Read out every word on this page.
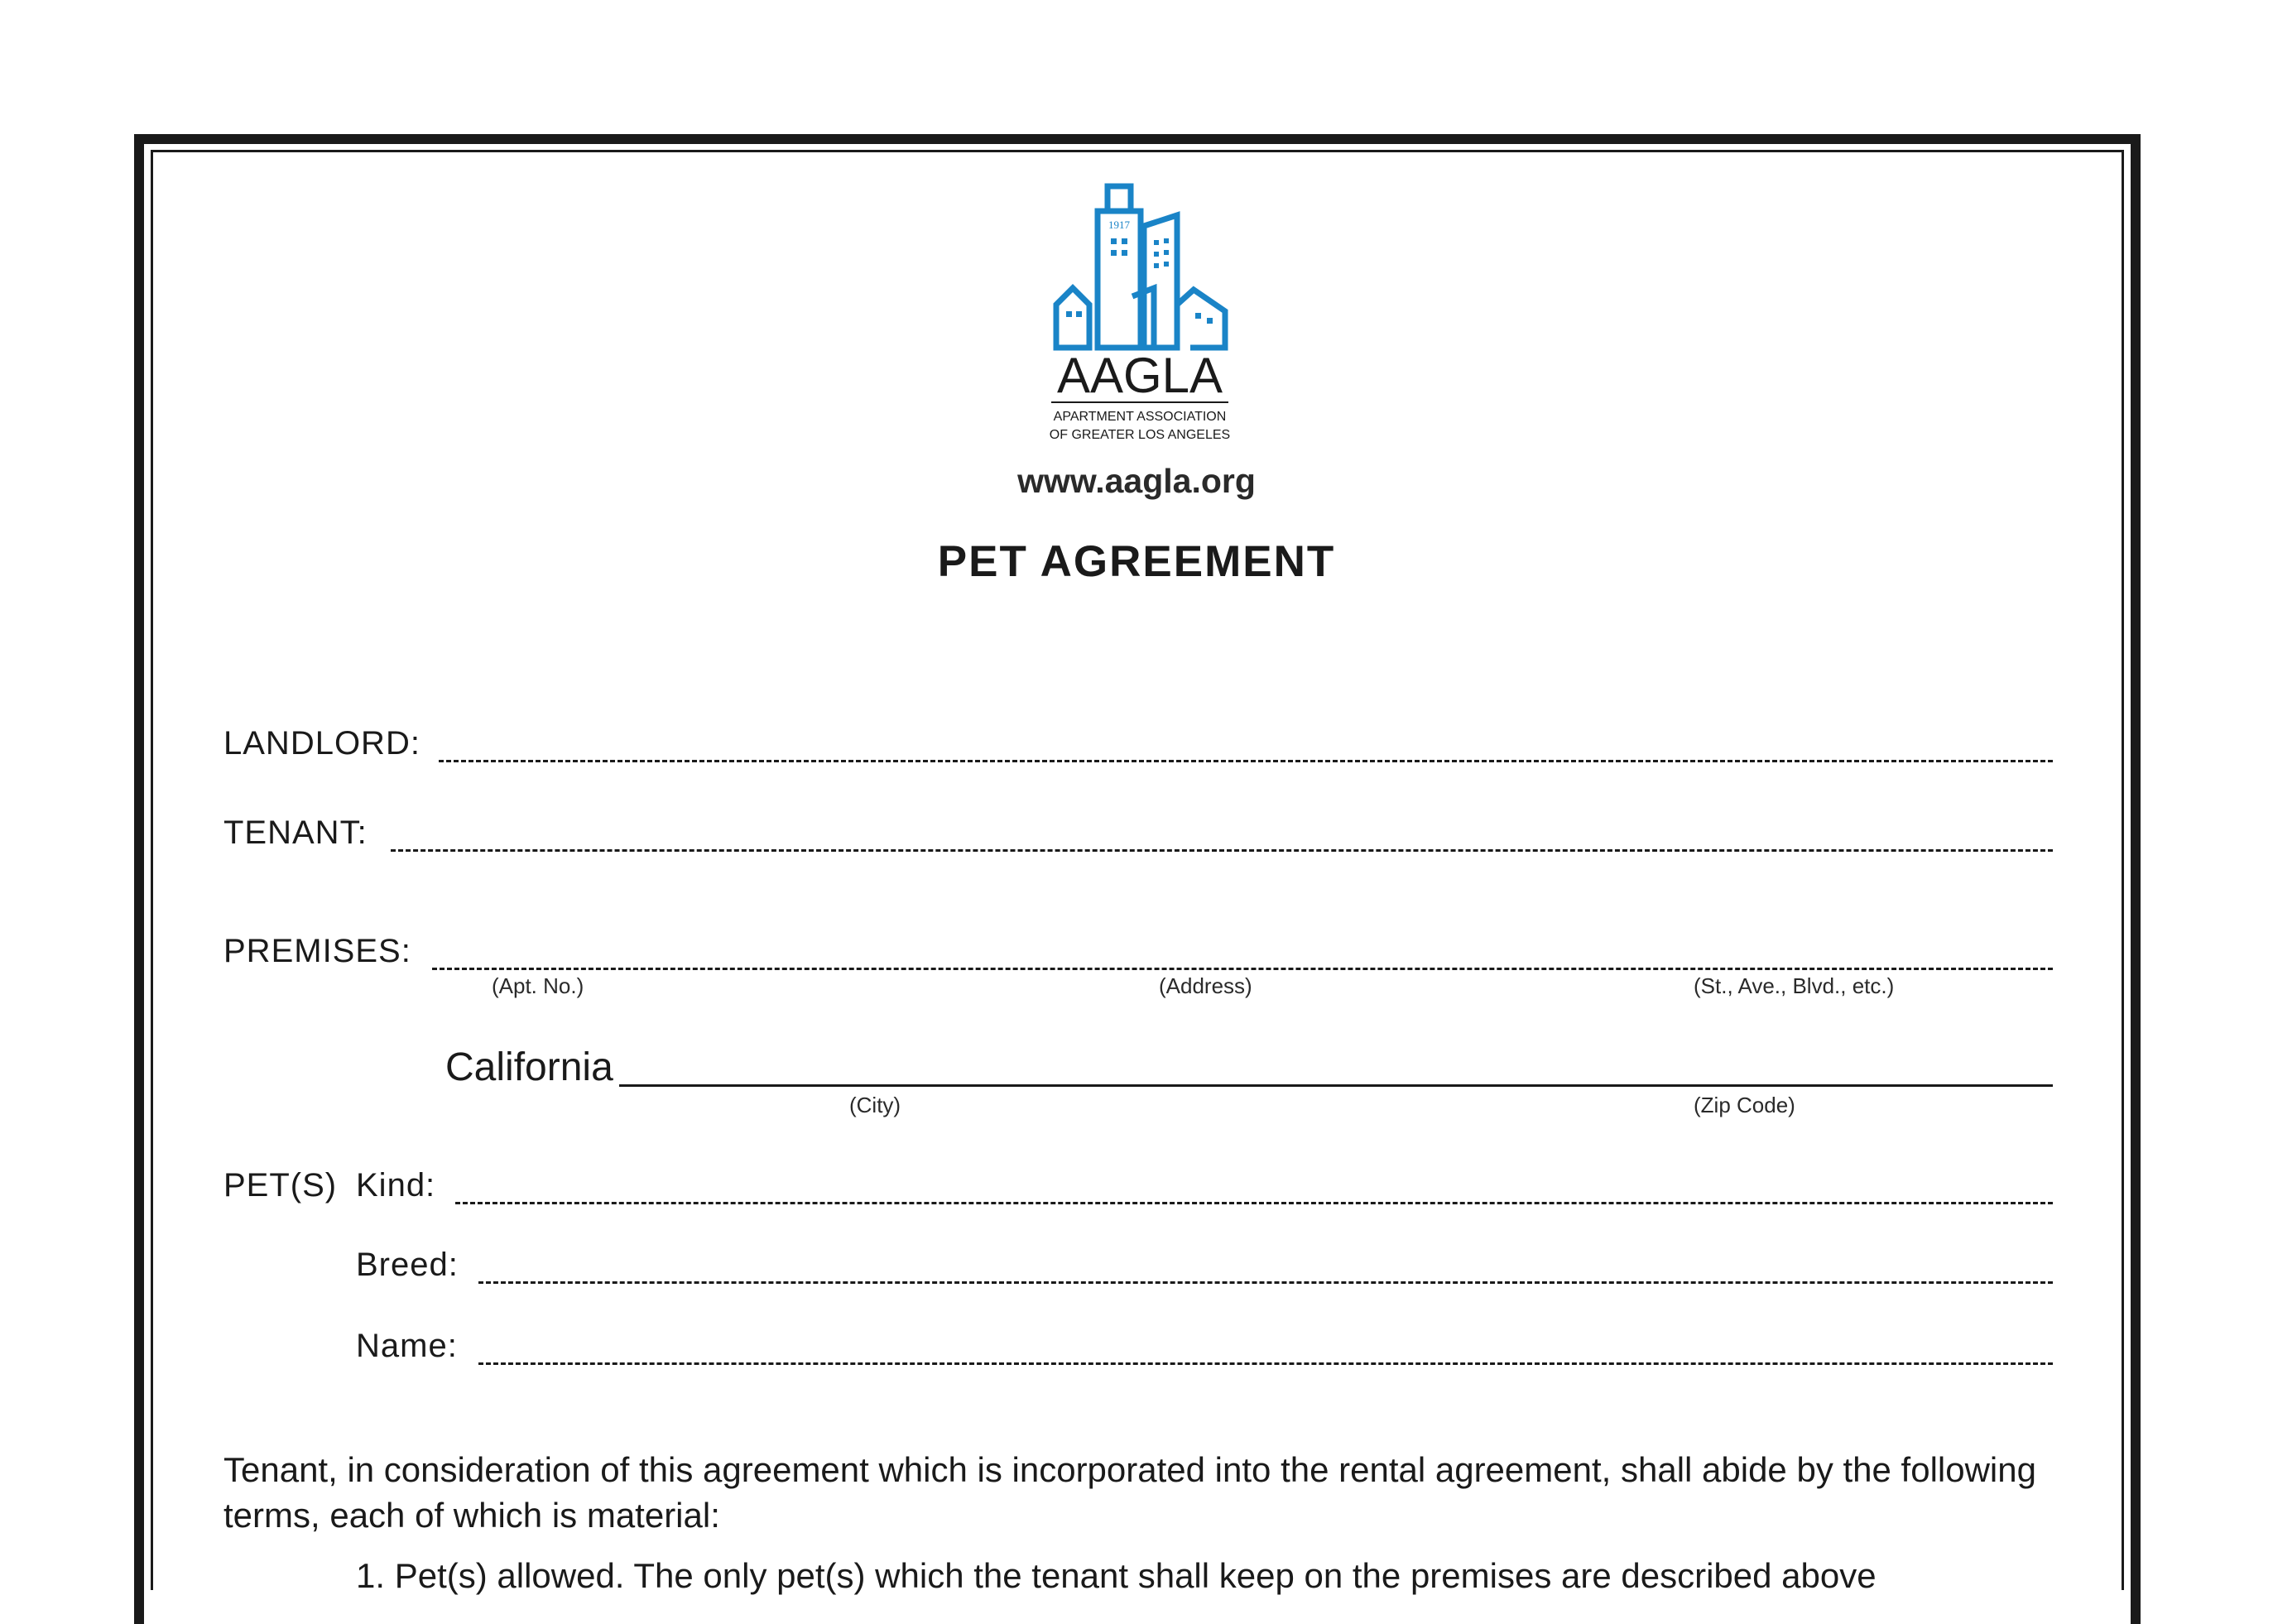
1917
AAGLA
APARTMENT ASSOCIATION
OF GREATER LOS ANGELES
www.aagla.org
PET AGREEMENT
LANDLORD:
TENANT:
PREMISES:
(Apt. No.)	(Address)	(St., Ave., Blvd., etc.)
California
(City)	(Zip Code)
PET(S) Kind:
Breed:
Name:
Tenant, in consideration of this agreement which is incorporated into the rental agreement, shall abide by the following terms, each of which is material:
1. Pet(s) allowed. The only pet(s) which the tenant shall keep on the premises are described above
